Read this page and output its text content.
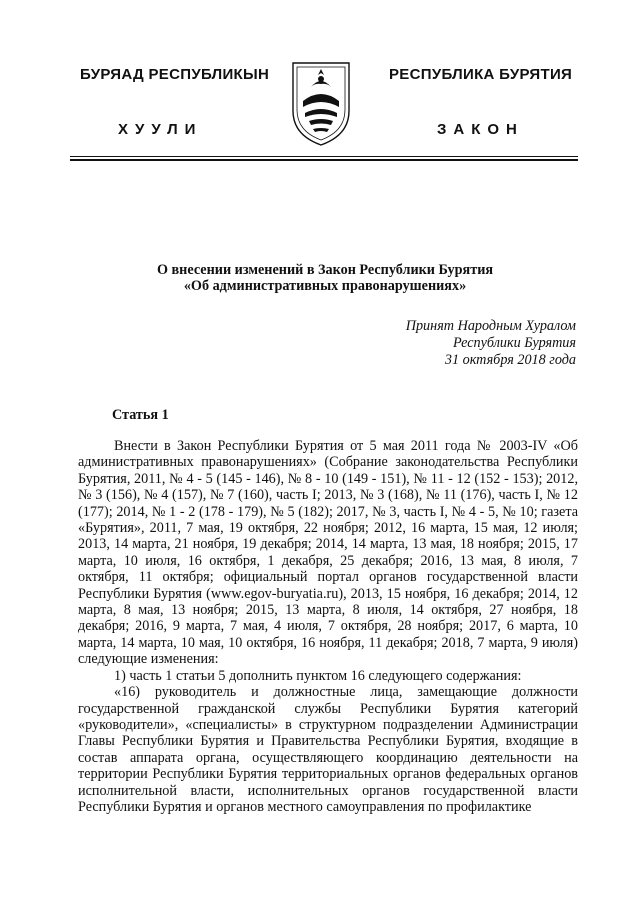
БУРЯАД РЕСПУБЛИКЫН	РЕСПУБЛИКА БУРЯТИЯ
ХУУЛИ	ЗАКОН
О внесении изменений в Закон Республики Бурятия
«Об административных правонарушениях»
Принят Народным Хуралом
Республики Бурятия
31 октября 2018 года
Статья 1

Внести в Закон Республики Бурятия от 5 мая 2011 года № 2003-IV «Об административных правонарушениях» (Собрание законодательства Республики Бурятия, 2011, № 4 - 5 (145 - 146), № 8 - 10 (149 - 151), № 11 - 12 (152 - 153); 2012, № 3 (156), № 4 (157), № 7 (160), часть I; 2013, № 3 (168), № 11 (176), часть I, № 12 (177); 2014, № 1 - 2 (178 - 179), № 5 (182); 2017, № 3, часть I, № 4 - 5, № 10; газета «Бурятия», 2011, 7 мая, 19 октября, 22 ноября; 2012, 16 марта, 15 мая, 12 июля; 2013, 14 марта, 21 ноября, 19 декабря; 2014, 14 марта, 13 мая, 18 ноября; 2015, 17 марта, 10 июля, 16 октября, 1 декабря, 25 декабря; 2016, 13 мая, 8 июля, 7 октября, 11 октября; официальный портал органов государственной власти Республики Бурятия (www.egov-buryatia.ru), 2013, 15 ноября, 16 декабря; 2014, 12 марта, 8 мая, 13 ноября; 2015, 13 марта, 8 июля, 14 октября, 27 ноября, 18 декабря; 2016, 9 марта, 7 мая, 4 июля, 7 октября, 28 ноября; 2017, 6 марта, 10 марта, 14 марта, 10 мая, 10 октября, 16 ноября, 11 декабря; 2018, 7 марта, 9 июля) следующие изменения:

1) часть 1 статьи 5 дополнить пунктом 16 следующего содержания:

«16) руководитель и должностные лица, замещающие должности государственной гражданской службы Республики Бурятия категорий «руководители», «специалисты» в структурном подразделении Администрации Главы Республики Бурятия и Правительства Республики Бурятия, входящие в состав аппарата органа, осуществляющего координацию деятельности на территории Республики Бурятия территориальных органов федеральных органов исполнительной власти, исполнительных органов государственной власти Республики Бурятия и органов местного самоуправления по профилактике
